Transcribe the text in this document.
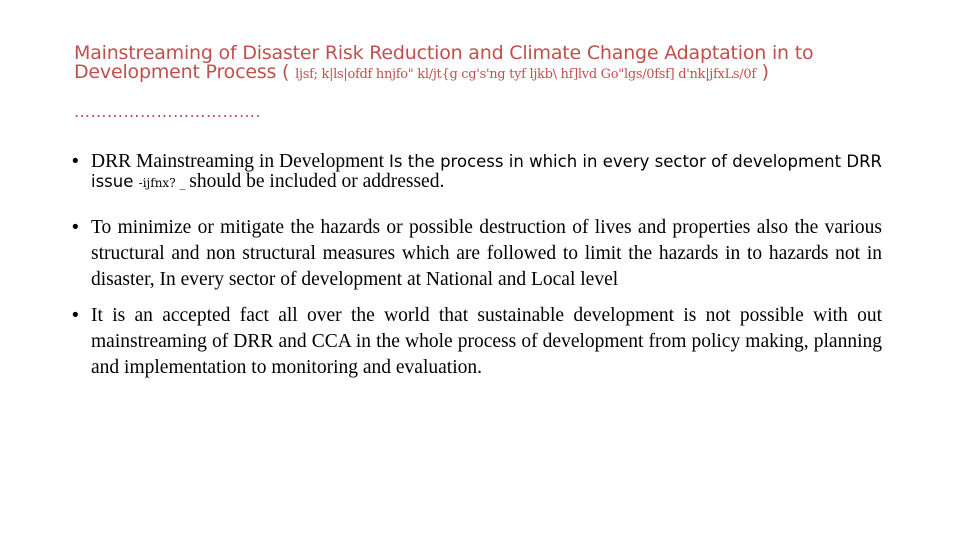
Mainstreaming of Disaster Risk Reduction and Climate Change Adaptation in to
Development Process ( ljsf; k|ls|ofdf hnjfo" kl/jt{g cg's'ng tyf ljkb\ hf]lvd Go"lgs/0fsf] d'nk|jfxLs/0f )
…………………………….
• DRR Mainstreaming in Development Is the process in which in every sector of development DRR issue -ijfnx? _ should be included or addressed.
• To minimize or mitigate the hazards or possible destruction of lives and properties also the various structural and non structural measures which are followed to limit the hazards in to hazards not in disaster, In every sector of development at National and Local level
• It is an accepted fact all over the world that sustainable development is not possible with out mainstreaming of DRR and CCA in the whole process of development from policy making, planning and implementation to monitoring and evaluation.
